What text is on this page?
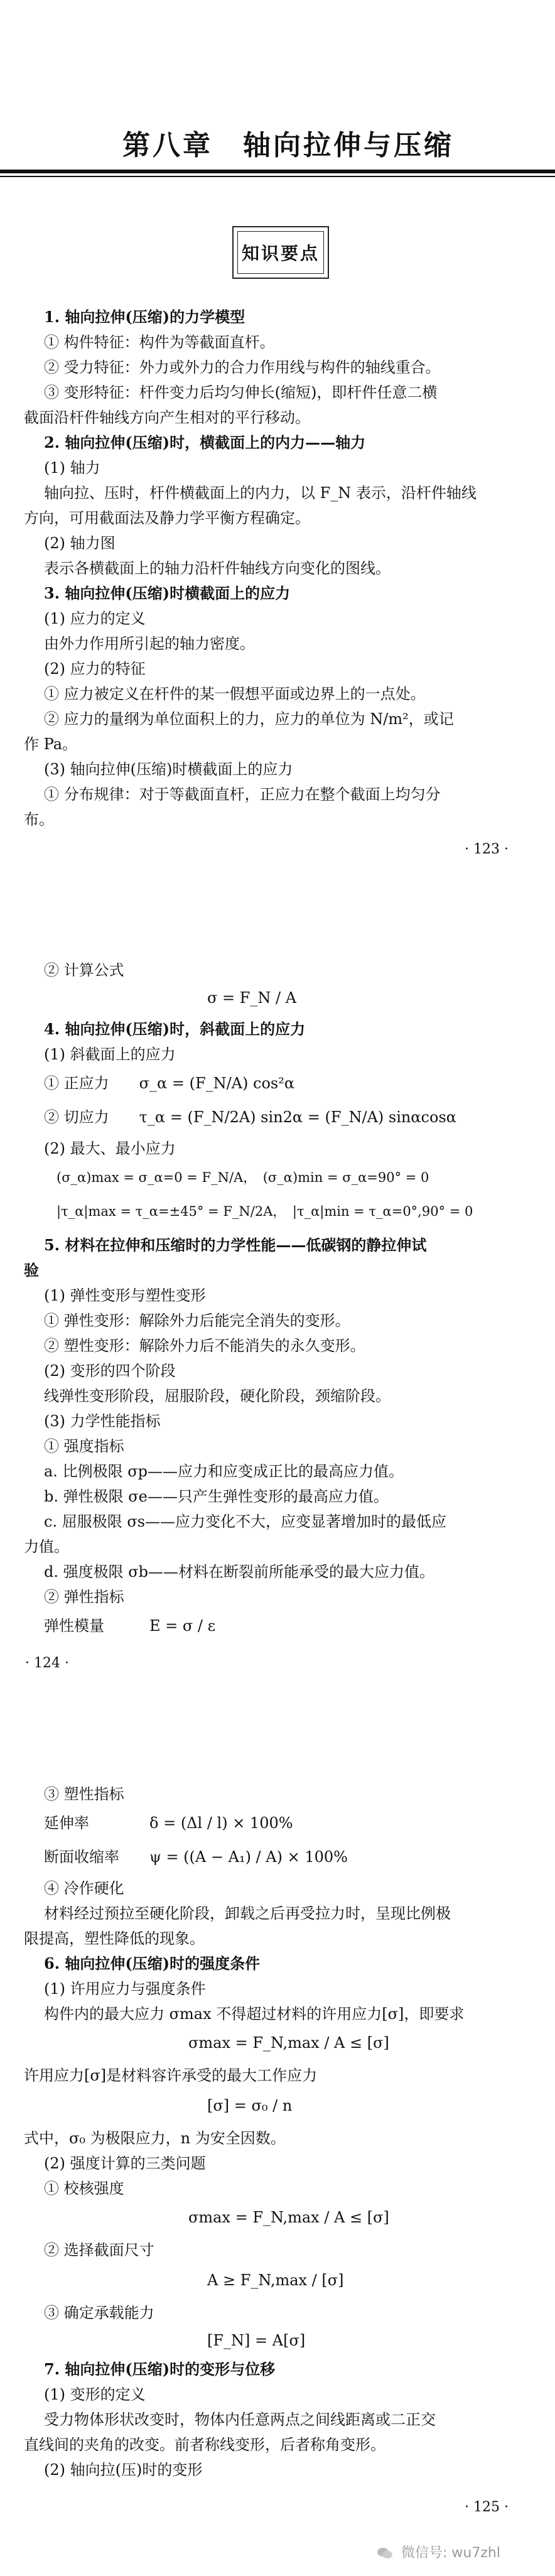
第八章　轴向拉伸与压缩
知识要点
1. 轴向拉伸(压缩)的力学模型
① 构件特征：构件为等截面直杆。
② 受力特征：外力或外力的合力作用线与构件的轴线重合。
③ 变形特征：杆件变力后均匀伸长(缩短)，即杆件任意二横
截面沿杆件轴线方向产生相对的平行移动。
2. 轴向拉伸(压缩)时，横截面上的内力——轴力
(1) 轴力
轴向拉、压时，杆件横截面上的内力，以 F_N 表示，沿杆件轴线
方向，可用截面法及静力学平衡方程确定。
(2) 轴力图
表示各横截面上的轴力沿杆件轴线方向变化的图线。
3. 轴向拉伸(压缩)时横截面上的应力
(1) 应力的定义
由外力作用所引起的轴力密度。
(2) 应力的特征
① 应力被定义在杆件的某一假想平面或边界上的一点处。
② 应力的量纲为单位面积上的力，应力的单位为 N/m²，或记
作 Pa。
(3) 轴向拉伸(压缩)时横截面上的应力
① 分布规律：对于等截面直杆，正应力在整个截面上均匀分
布。
· 123 ·
② 计算公式
σ = F_N / A
4. 轴向拉伸(压缩)时，斜截面上的应力
(1) 斜截面上的应力
① 正应力　　σ_α = (F_N/A) cos²α
② 切应力　　τ_α = (F_N/2A) sin2α = (F_N/A) sinαcosα
(2) 最大、最小应力
(σ_α)max = σ_α=0 = F_N/A，　(σ_α)min = σ_α=90° = 0
|τ_α|max = τ_α=±45° = F_N/2A，　|τ_α|min = τ_α=0°,90° = 0
5. 材料在拉伸和压缩时的力学性能——低碳钢的静拉伸试
验
(1) 弹性变形与塑性变形
① 弹性变形：解除外力后能完全消失的变形。
② 塑性变形：解除外力后不能消失的永久变形。
(2) 变形的四个阶段
线弹性变形阶段，屈服阶段，硬化阶段，颈缩阶段。
(3) 力学性能指标
① 强度指标
a. 比例极限 σp——应力和应变成正比的最高应力值。
b. 弹性极限 σe——只产生弹性变形的最高应力值。
c. 屈服极限 σs——应力变化不大，应变显著增加时的最低应
力值。
d. 强度极限 σb——材料在断裂前所能承受的最大应力值。
② 弹性指标
弹性模量　　　E = σ / ε
· 124 ·
③ 塑性指标
延伸率　　　　δ = (Δl / l) × 100%
断面收缩率　　ψ = ((A − A₁) / A) × 100%
④ 冷作硬化
材料经过预拉至硬化阶段，卸载之后再受拉力时，呈现比例极
限提高，塑性降低的现象。
6. 轴向拉伸(压缩)时的强度条件
(1) 许用应力与强度条件
构件内的最大应力 σmax 不得超过材料的许用应力[σ]，即要求
σmax = F_N,max / A ≤ [σ]
许用应力[σ]是材料容许承受的最大工作应力
[σ] = σ₀ / n
式中，σ₀ 为极限应力，n 为安全因数。
(2) 强度计算的三类问题
① 校核强度
σmax = F_N,max / A ≤ [σ]
② 选择截面尺寸
A ≥ F_N,max / [σ]
③ 确定承载能力
[F_N] = A[σ]
7. 轴向拉伸(压缩)时的变形与位移
(1) 变形的定义
受力物体形状改变时，物体内任意两点之间线距离或二正交
直线间的夹角的改变。前者称线变形，后者称角变形。
(2) 轴向拉(压)时的变形
· 125 ·
微信号: wu7zhl
